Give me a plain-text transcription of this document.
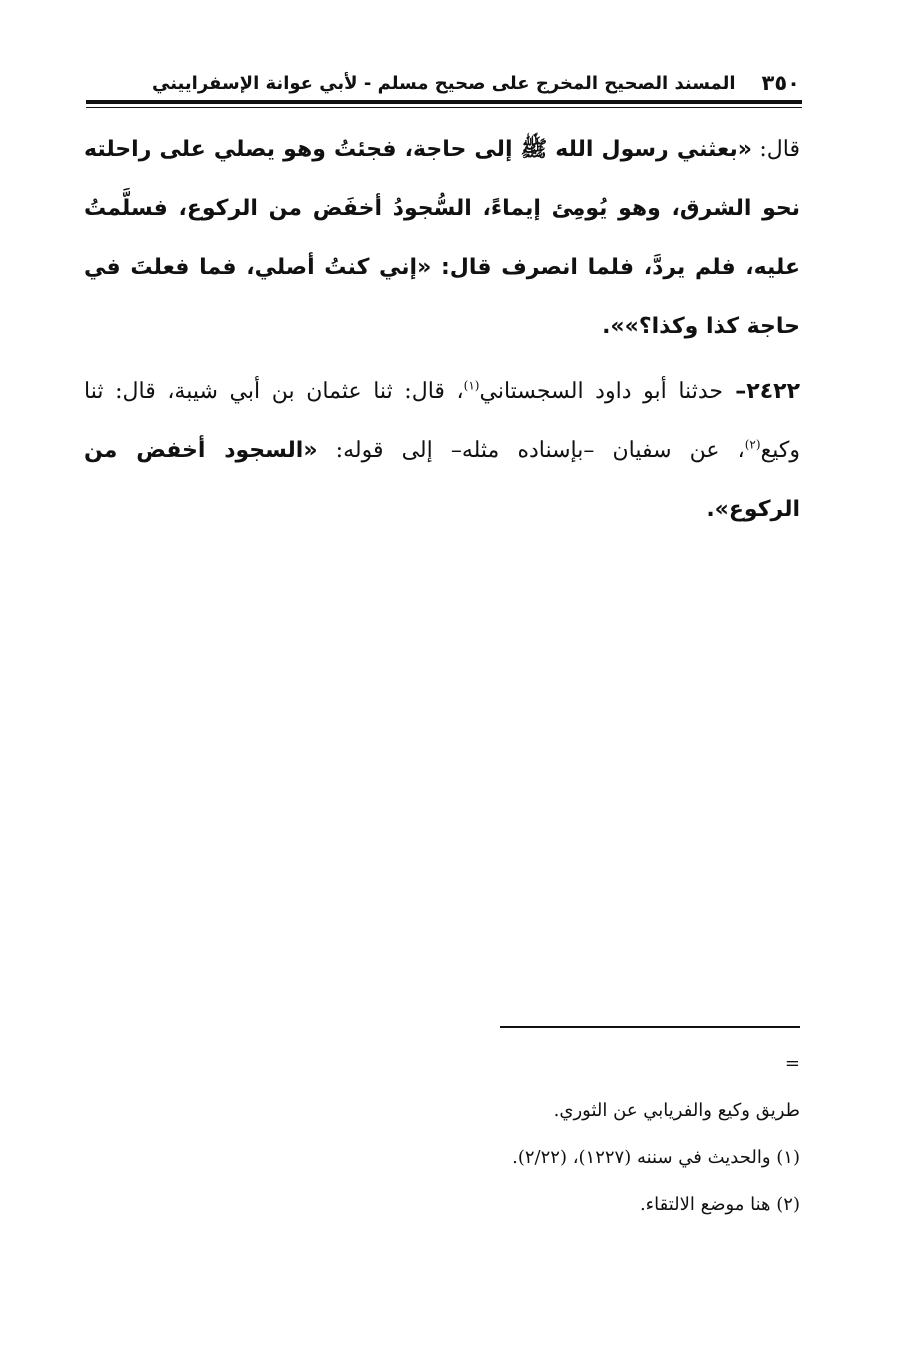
٣٥٠
المسند الصحيح المخرج على صحيح مسلم - لأبي عوانة الإسفراييني

قال: «بعثني رسول الله ﷺ إلى حاجة، فجئتُ وهو يصلي على راحلته نحو الشرق، وهو يُومِئ إيماءً، السُّجودُ أخفَض من الركوع، فسلَّمتُ عليه، فلم يردَّ، فلما انصرف قال: «إني كنتُ أصلي، فما فعلتَ في حاجة كذا وكذا؟»».

٢٤٢٢– حدثنا أبو داود السجستاني$^{(١)}$، قال: ثنا عثمان بن أبي شيبة، قال: ثنا وكيع$^{(٢)}$، عن سفيان –بإسناده مثله– إلى قوله: «السجود أخفض من الركوع».

=

طريق وكيع والفريابي عن الثوري.

(١) والحديث في سننه (١٢٢٧)، (٢/٢٢).

(٢) هنا موضع الالتقاء.
